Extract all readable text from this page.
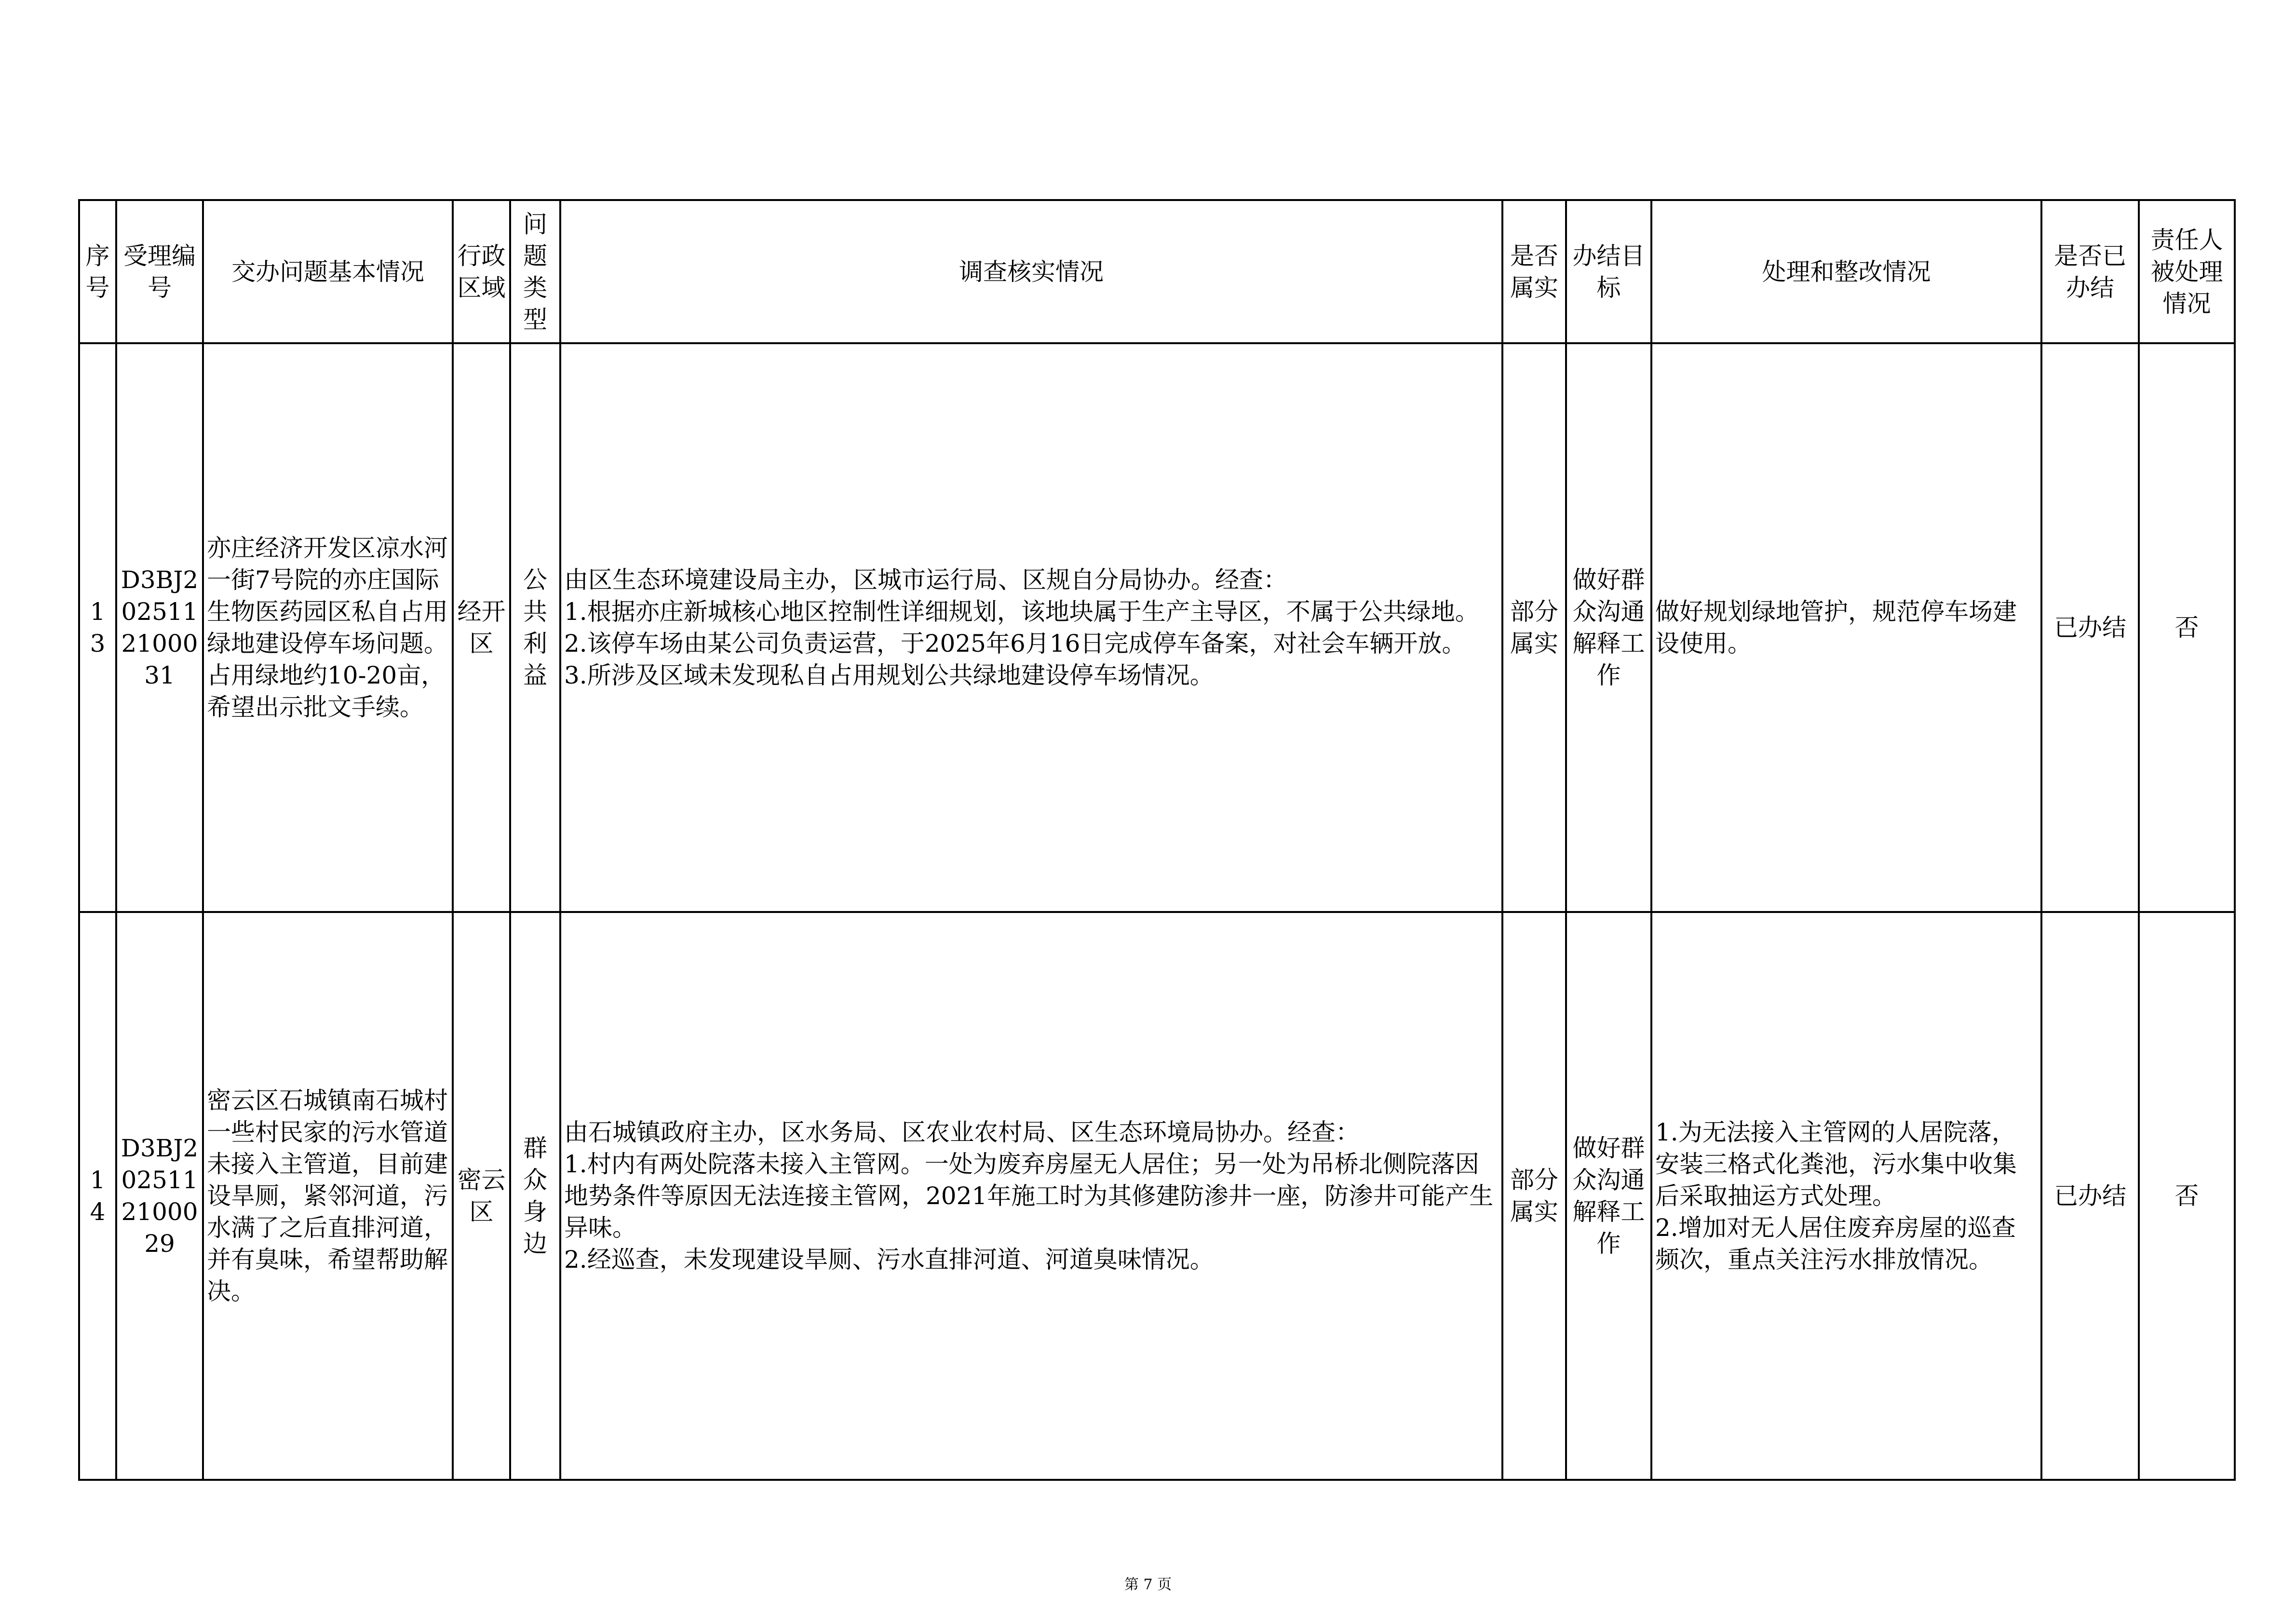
序号	受理编号	交办问题基本情况	行政区域	问题类型	调查核实情况	是否属实	办结目标	处理和整改情况	是否已办结	责任人被处理情况
13	D3BJ2025112100031	亦庄经济开发区凉水河一街7号院的亦庄国际生物医药园区私自占用绿地建设停车场问题。占用绿地约10-20亩，希望出示批文手续。	经开区	公共利益	由区生态环境建设局主办，区城市运行局、区规自分局协办。经查：
1.根据亦庄新城核心地区控制性详细规划，该地块属于生产主导区，不属于公共绿地。
2.该停车场由某公司负责运营，于2025年6月16日完成停车备案，对社会车辆开放。
3.所涉及区域未发现私自占用规划公共绿地建设停车场情况。	部分属实	做好群众沟通解释工作	做好规划绿地管护，规范停车场建设使用。	已办结	否
14	D3BJ2025112100029	密云区石城镇南石城村一些村民家的污水管道未接入主管道，目前建设旱厕，紧邻河道，污水满了之后直排河道，并有臭味，希望帮助解决。	密云区	群众身边	由石城镇政府主办，区水务局、区农业农村局、区生态环境局协办。经查：
1.村内有两处院落未接入主管网。一处为废弃房屋无人居住；另一处为吊桥北侧院落因地势条件等原因无法连接主管网，2021年施工时为其修建防渗井一座，防渗井可能产生异味。
2.经巡查，未发现建设旱厕、污水直排河道、河道臭味情况。	部分属实	做好群众沟通解释工作	1.为无法接入主管网的人居院落，安装三格式化粪池，污水集中收集后采取抽运方式处理。
2.增加对无人居住废弃房屋的巡查频次，重点关注污水排放情况。	已办结	否
第 7 页
